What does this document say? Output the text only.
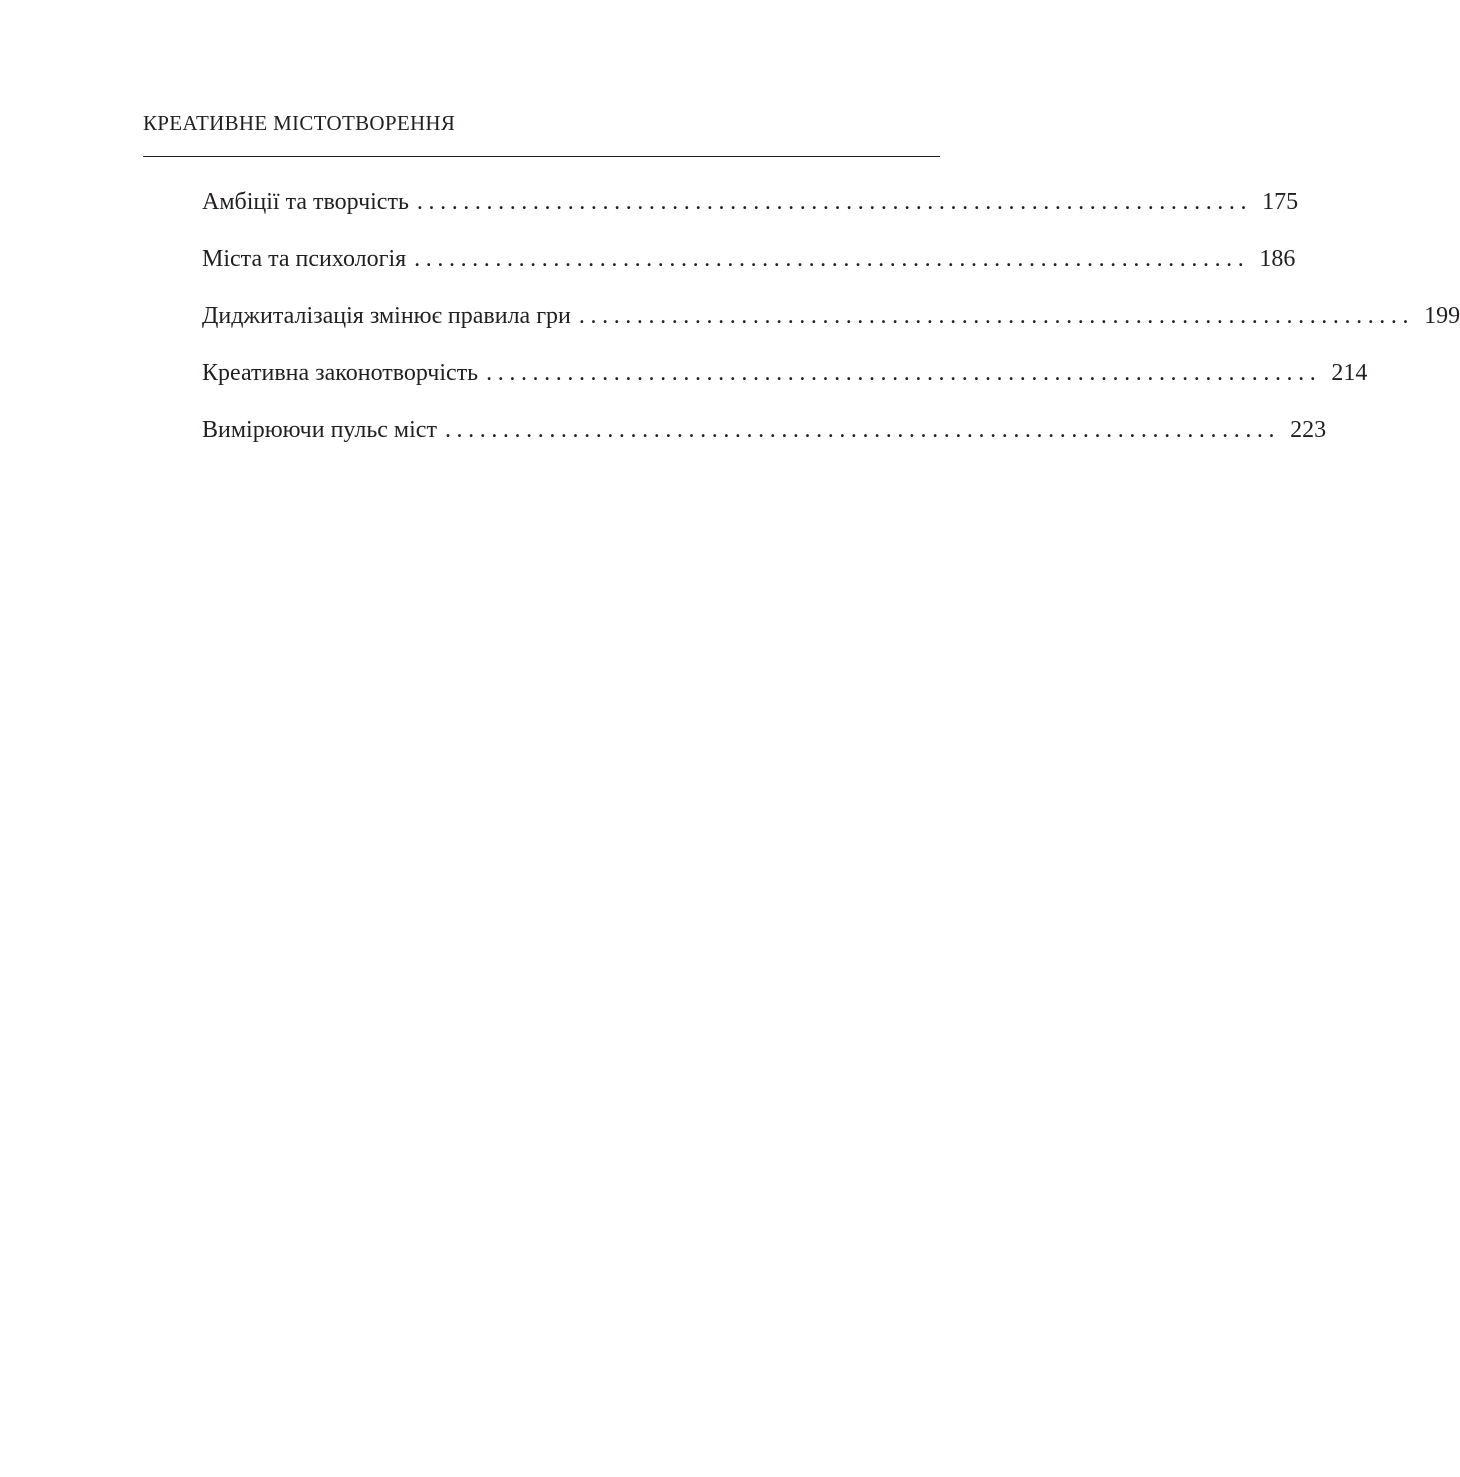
КРЕАТИВНЕ МІСТОТВОРЕННЯ
Амбіції та творчість ........................................................................ 175
Міста та психологія ........................................................................ 186
Диджиталізація змінює правила гри ........................................................................ 199
Креативна законотворчість ........................................................................ 214
Вимірюючи пульс міст ........................................................................ 223
